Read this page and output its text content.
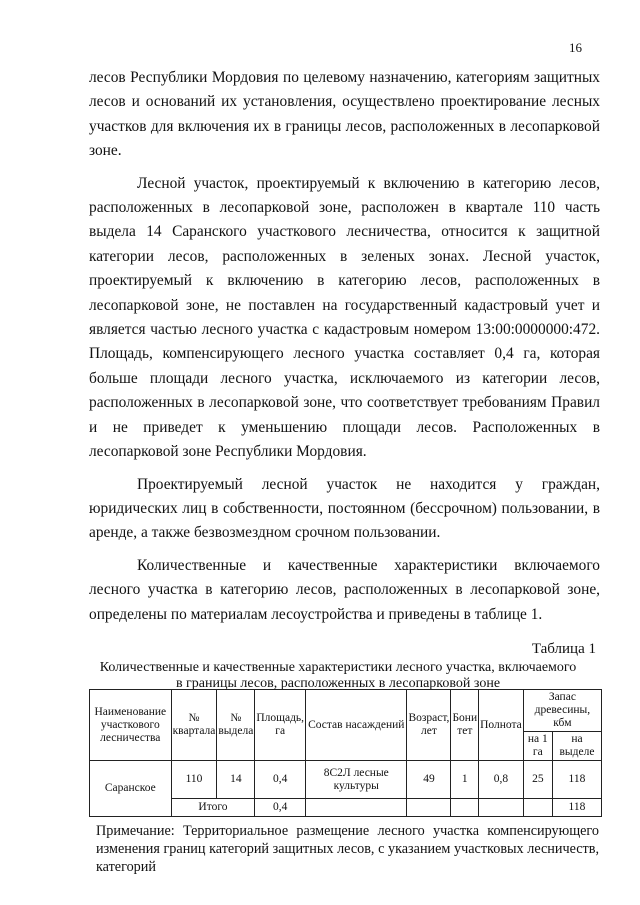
16

лесов Республики Мордовия по целевому назначению, категориям защитных лесов и оснований их установления, осуществлено проектирование лесных участков для включения их в границы лесов, расположенных в лесопарковой зоне.

Лесной участок, проектируемый к включению в категорию лесов, расположенных в лесопарковой зоне, расположен в квартале 110 часть выдела 14 Саранского участкового лесничества, относится к защитной категории лесов, расположенных в зеленых зонах. Лесной участок, проектируемый к включению в категорию лесов, расположенных в лесопарковой зоне, не поставлен на государственный кадастровый учет и является частью лесного участка с кадастровым номером 13:00:0000000:472. Площадь, компенсирующего лесного участка составляет 0,4 га, которая больше площади лесного участка, исключаемого из категории лесов, расположенных в лесопарковой зоне, что соответствует требованиям Правил и не приведет к уменьшению площади лесов. Расположенных в лесопарковой зоне Республики Мордовия.

Проектируемый лесной участок не находится у граждан, юридических лиц в собственности, постоянном (бессрочном) пользовании, в аренде, а также безвозмездном срочном пользовании.

Количественные и качественные характеристики включаемого лесного участка в категорию лесов, расположенных в лесопарковой зоне, определены по материалам лесоустройства и приведены в таблице 1.

Таблица 1
Количественные и качественные характеристики лесного участка, включаемого в границы лесов, расположенных в лесопарковой зоне
Наименование участкового лесничества	№ квартала	№ выдела	Площадь, га	Состав насаждений	Возраст, лет	Бони тет	Полнота	Запас древесины, кбм	
								на 1 га	на выделе
Саранское	110	14	0,4	8С2Л лесные культуры	49	1	0,8	25	118
	Итого		0,4						118
Примечание: Территориальное размещение лесного участка компенсирующего изменения границ категорий защитных лесов, с указанием участковых лесничеств, категорий
